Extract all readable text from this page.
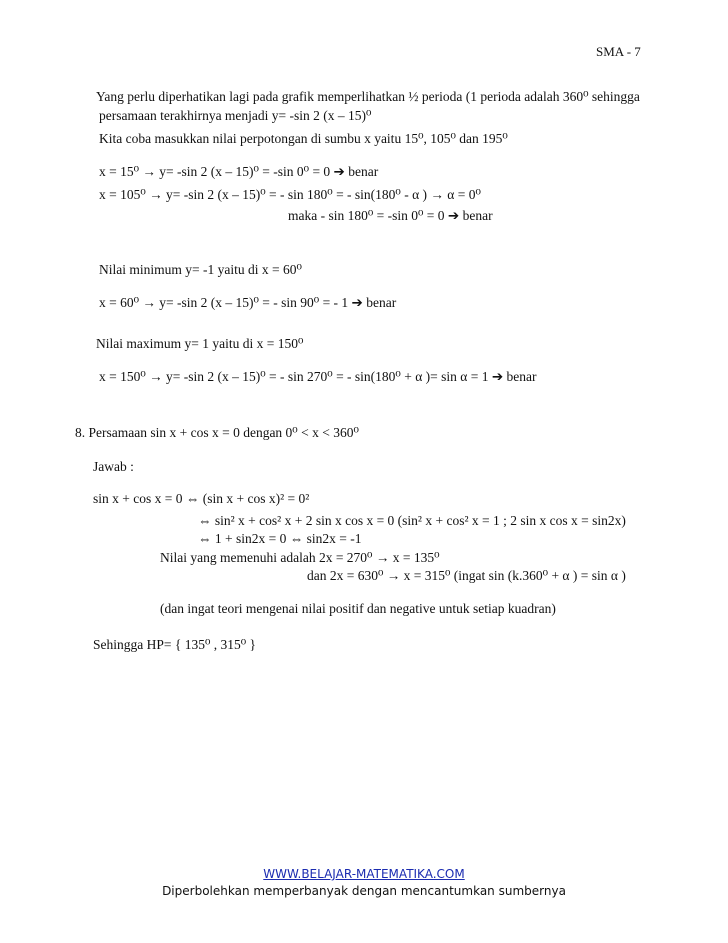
SMA - 7
Yang perlu diperhatikan lagi pada grafik memperlihatkan ½ perioda (1 perioda adalah 360⁰ sehingga
persamaan terakhirnya menjadi y= -sin 2 (x – 15)⁰
Kita coba masukkan nilai perpotongan di sumbu x yaitu 15⁰, 105⁰ dan 195⁰
x = 15⁰ → y= -sin 2 (x – 15)⁰ = -sin 0⁰ = 0 ➔ benar
x = 105⁰ → y= -sin 2 (x – 15)⁰ = - sin 180⁰ = - sin(180⁰ - α ) → α = 0⁰
maka - sin 180⁰ = -sin 0⁰ = 0 ➔ benar
Nilai minimum y= -1 yaitu di x = 60⁰
x = 60⁰ → y= -sin 2 (x – 15)⁰ = - sin 90⁰ = - 1 ➔ benar
Nilai maximum y= 1 yaitu di x = 150⁰
x = 150⁰ → y= -sin 2 (x – 15)⁰ = - sin 270⁰ = - sin(180⁰ + α )= sin α = 1 ➔ benar
8. Persamaan sin x + cos x = 0 dengan 0⁰ < x < 360⁰
Jawab :
sin x + cos x = 0 ⇔ (sin x + cos x)² = 0²
⇔ sin² x + cos² x + 2 sin x cos x = 0 (sin² x + cos² x = 1 ; 2 sin x cos x = sin2x)
⇔ 1 + sin2x = 0 ⇔ sin2x = -1
Nilai yang memenuhi adalah 2x = 270⁰ → x = 135⁰
dan 2x = 630⁰ → x = 315⁰ (ingat sin (k.360⁰ + α ) = sin α )
(dan ingat teori mengenai nilai positif dan negative untuk setiap kuadran)
Sehingga HP= { 135⁰ , 315⁰ }
WWW.BELAJAR-MATEMATIKA.COM
Diperbolehkan memperbanyak dengan mencantumkan sumbernya
